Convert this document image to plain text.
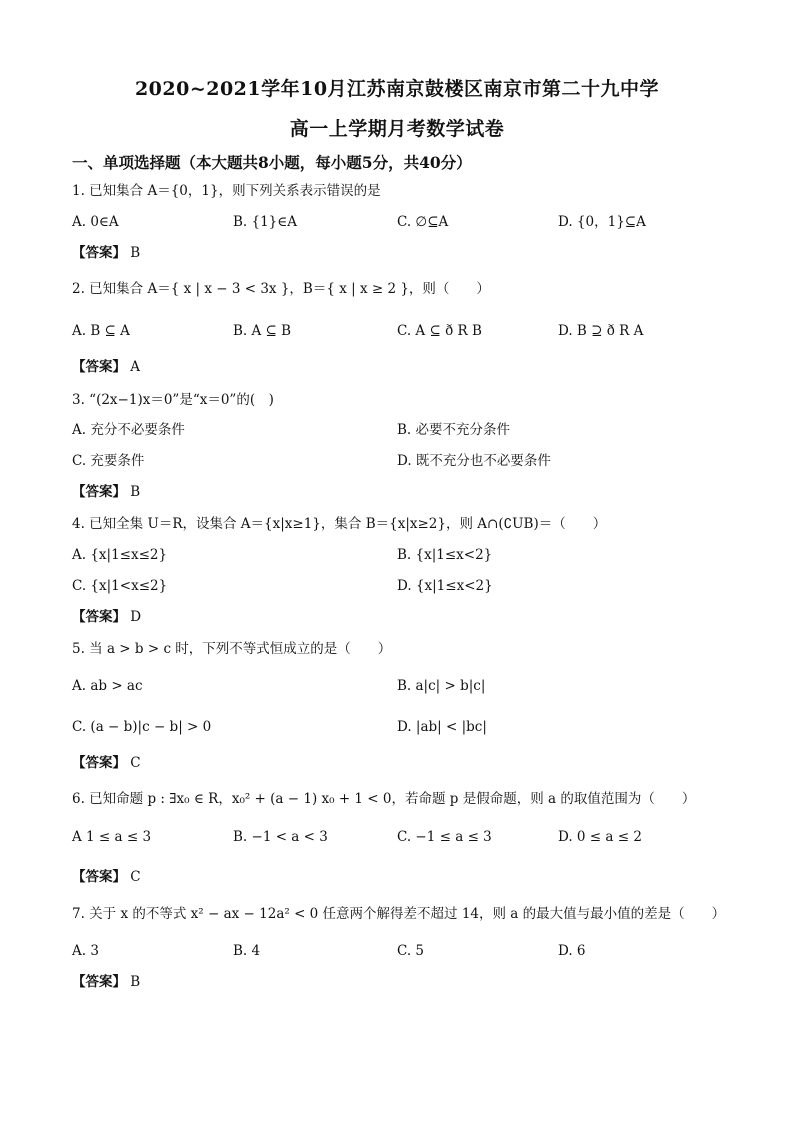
2020~2021学年10月江苏南京鼓楼区南京市第二十九中学
高一上学期月考数学试卷
一、单项选择题（本大题共8小题，每小题5分，共40分）
1. 已知集合 A＝{0，1}，则下列关系表示错误的是
A. 0∈A	B. {1}∈A	C. ∅⊆A	D. {0，1}⊆A
【答案】 B
2. 已知集合 A＝{ x | x − 3 < 3x }，B＝{ x | x ≥ 2 }，则（　　）
A. B ⊆ A	B. A ⊆ B	C. A ⊆ ð R B	D. B ⊇ ð R A
【答案】 A
3. “(2x−1)x＝0”是“x＝0”的(　)
A. 充分不必要条件	B. 必要不充分条件
C. 充要条件	D. 既不充分也不必要条件
【答案】 B
4. 已知全集 U＝R，设集合 A＝{x|x≥1}，集合 B＝{x|x≥2}，则 A∩(∁UB)＝（　　）
A. {x|1≤x≤2}	B. {x|1≤x<2}
C. {x|1<x≤2}	D. {x|1≤x<2}
【答案】 D
5. 当 a > b > c 时，下列不等式恒成立的是（　　）
A. ab > ac	B. a|c| > b|c|
C. (a − b)|c − b| > 0	D. |ab| < |bc|
【答案】 C
6. 已知命题 p : ∃x₀ ∈ R，x₀² + (a − 1) x₀ + 1 < 0，若命题 p 是假命题，则 a 的取值范围为（　　）
A 1 ≤ a ≤ 3	B. −1 < a < 3	C. −1 ≤ a ≤ 3	D. 0 ≤ a ≤ 2
【答案】 C
7. 关于 x 的不等式 x² − ax − 12a² < 0 任意两个解得差不超过 14，则 a 的最大值与最小值的差是（　　）
A. 3	B. 4	C. 5	D. 6
【答案】 B
